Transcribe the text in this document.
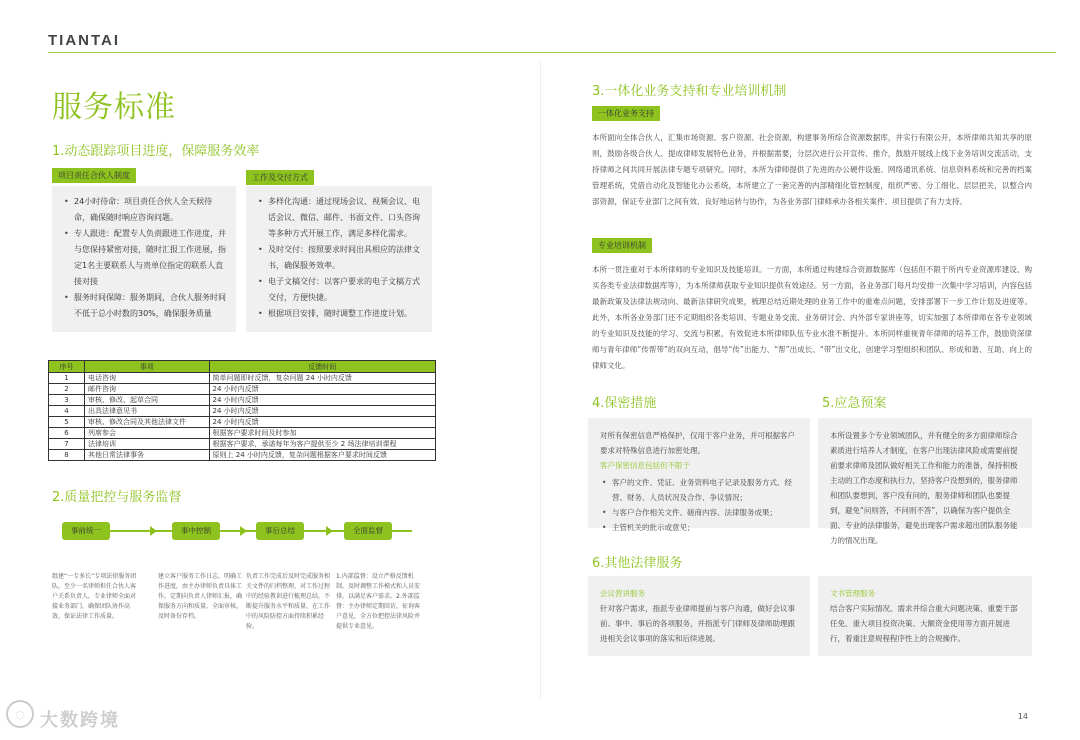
TIANTAI
服务标准
1.动态跟踪项目进度，保障服务效率
项目责任合伙人制度	工作及交付方式
• 24小时待命：项目责任合伙人全天候待命，确保随时响应咨询问题。
• 专人跟进：配置专人负责跟进工作进度，并与您保持紧密对接，随时汇报工作进展，指定1名主要联系人与贵单位指定的联系人直接对接
• 服务时间保障：服务期间，合伙人服务时间不低于总小时数的30%，确保服务质量
• 多样化沟通：通过现场会议、视频会议、电话会议、微信、邮件、书面文件、口头咨询等多种方式开展工作，满足多样化需求。
• 及时交付：按照要求时间出具相应的法律文书，确保服务效率。
• 电子文稿交付：以客户要求的电子文稿方式交付，方便快捷。
• 根据项目安排，随时调整工作进度计划。
序号	事项	反馈时间
1	电话咨询	简单问题即时反馈，复杂问题 24 小时内反馈
2	邮件咨询	24 小时内反馈
3	审核、修改、起草合同	24 小时内反馈
4	出具法律意见书	24 小时内反馈
5	审核、修改合同及其他法律文件	24 小时内反馈
6	列席参会	根据客户要求时间及时参加
7	法律培训	根据客户要求，承诺每年为客户提供至少 2 场法律培训课程
8	其他日常法律事务	原则上 24 小时内反馈，复杂问题根据客户要求时间反馈
2.质量把控与服务监督
事前统一	事中控制	事后总结	全面监督
组建“一专多长”专项法律服务团队，至少一名律师担任合伙人客户关系负责人，专业律师全面对接业务部门，确保团队协作高效，保证法律工作质量。
建立客户服务工作日志，明确工作进度，由主办律师负责具体工作，定期向负责人律师汇报，确保服务方向和质量，全面审核，及时备份存档。
负责工作完成后及时完成服务相关文件的归档整理，对工作过程中的经验教训进行梳理总结，不断提升服务水平和质量，在工作中的风险防控方面持续积累经验。
1.内部监督：设立严格反馈机制，及时调整工作模式和人员安排，以满足客户需求。2.外部监督：主办律师定期回访，征询客户意见，全方位把控法律风险并提供专业意见。
3.一体化业务支持和专业培训机制
一体化业务支持
本所面向全体合伙人，汇集市场资源、客户资源、社会资源，构建事务所综合资源数据库，并实行有限公开，本所律师共知共享的原则，鼓励各级合伙人、提成律师发展特色业务，并根据需要，分层次进行公开宣传、推介，鼓励开展线上线下业务培训交流活动，支持律师之间共同开展法律专题专项研究。同时，本所为律师提供了先进的办公硬件设施、网络通讯系统、信息资料系统和完善的档案管理系统，凭借自动化及智能化办公系统，本所建立了一套完善的内部精细化管控制度，组织严密、分工细化、层层把关，以整合内部资源，保证专业部门之间有效、良好地运转与协作，为各业务部门律师承办各相关案件、项目提供了有力支持。
专业培训机制
本所一贯注重对于本所律师的专业知识及技能培训。一方面，本所通过构建综合资源数据库（包括但不限于所内专业资源库建设、购买各类专业法律数据库等），为本所律师获取专业知识提供有效途径。另一方面，各业务部门每月均安排一次集中学习培训，内容包括最新政策及法律法规动向、最新法律研究成果，梳理总结近期处理的业务工作中的重难点问题，安排部署下一步工作计划及进度等。此外，本所各业务部门还不定期组织各类培训、专题业务交流、业务研讨会、内外部专家讲座等，切实加强了本所律师在各专业领域的专业知识及技能的学习、交流与积累，有效促进本所律师队伍专业水准不断提升。本所同样重视青年律师的培养工作，鼓励资深律师与青年律师“传帮带”的双向互动，倡导“传”出能力、“帮”出成长、“带”出文化，创建学习型组织和团队、形成和谐、互助、向上的律师文化。
4.保密措施
对所有保密信息严格保护，仅用于客户业务，并可根据客户要求对特殊信息进行加密处理。
客户保密信息包括但不限于
• 客户的文件、凭证、业务资料电子记录及服务方式、经营、财务、人员状况及合作、争议情况；
• 与客户合作相关文件、磋商内容、法律服务成果；
• 主管机关的批示或意见；
5.应急预案
本所设置多个专业领域团队，并有健全的多方面律师综合素质进行培养人才制度，在客户出现法律风险或需要前提前要求律师及团队做好相关工作和能力的准备，保持积极主动的工作态度和执行力，坚持客户没想到的，服务律师和团队要想到，客户没有问的，服务律师和团队也要提到，避免“问则答，不问则不答”，以确保为客户提供全面、专业的法律服务，避免出现客户需求超出团队服务能力的情况出现。
6.其他法律服务
会议营讲服务
针对客户需求，指派专业律师提前与客户沟通，做好会议事前、事中、事后的各项服务，并指派专门律师及律师助理跟进相关会议事项的落实和后续进展。
文书管理服务
结合客户实际情况、需求并综合重大问题决策、重要干部任免、重大项目投资决策、大额资金使用等方面开展进行，着重注意规程程序性上的合规操作。
◌ 大数跨境	14
